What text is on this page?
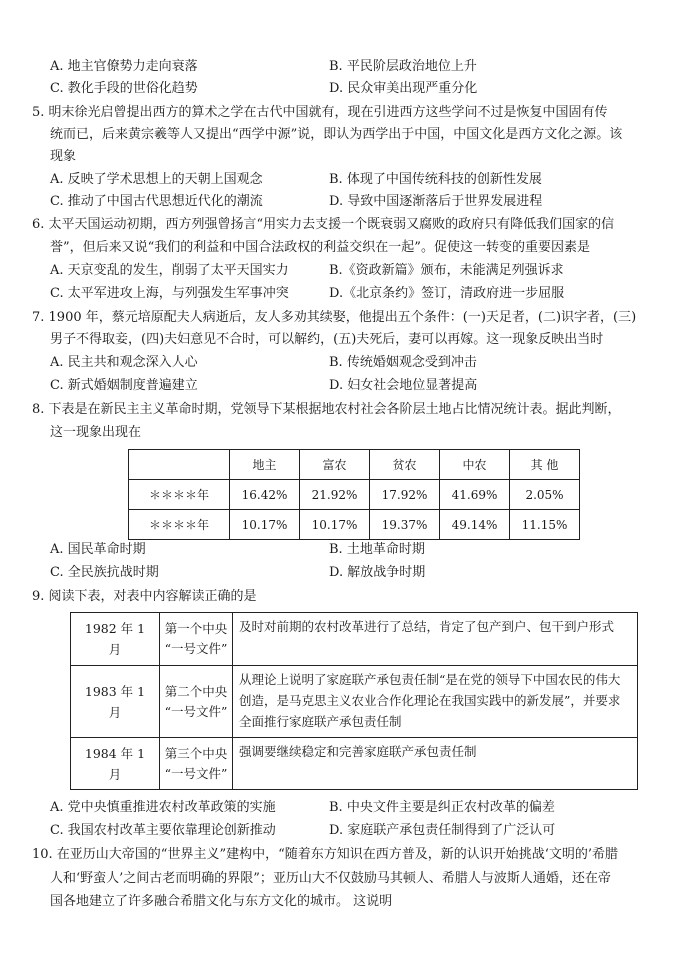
A. 地主官僚势力走向衰落	B. 平民阶层政治地位上升
C. 教化手段的世俗化趋势	D. 民众审美出现严重分化
5. 明末徐光启曾提出西方的算术之学在古代中国就有，现在引进西方这些学问不过是恢复中国固有传
统而已，后来黄宗羲等人又提出“西学中源”说，即认为西学出于中国，中国文化是西方文化之源。该
现象
A. 反映了学术思想上的天朝上国观念	B. 体现了中国传统科技的创新性发展
C. 推动了中国古代思想近代化的潮流	D. 导致中国逐渐落后于世界发展进程
6. 太平天国运动初期，西方列强曾扬言“用实力去支援一个既衰弱又腐败的政府只有降低我们国家的信
誉”，但后来又说“我们的利益和中国合法政权的利益交织在一起”。促使这一转变的重要因素是
A. 天京变乱的发生，削弱了太平天国实力	B.《资政新篇》颁布，未能满足列强诉求
C. 太平军进攻上海，与列强发生军事冲突	D.《北京条约》签订，清政府进一步屈服
7. 1900 年，蔡元培原配夫人病逝后，友人多劝其续娶，他提出五个条件：(一)天足者，(二)识字者，(三)
男子不得取妾，(四)夫妇意见不合时，可以解约，(五)夫死后，妻可以再嫁。这一现象反映出当时
A. 民主共和观念深入人心	B. 传统婚姻观念受到冲击
C. 新式婚姻制度普遍建立	D. 妇女社会地位显著提高
8. 下表是在新民主主义革命时期，党领导下某根据地农村社会各阶层土地占比情况统计表。据此判断，
这一现象出现在
	地主	富农	贫农	中农	其 他
＊＊＊＊年	16.42%	21.92%	17.92%	41.69%	2.05%
＊＊＊＊年	10.17%	10.17%	19.37%	49.14%	11.15%
A. 国民革命时期	B. 土地革命时期
C. 全民族抗战时期	D. 解放战争时期
9. 阅读下表，对表中内容解读正确的是
1982 年 1 月	第一个中央
“一号文件”	及时对前期的农村改革进行了总结，肯定了包产到户、包干到户形式
1983 年 1 月	第二个中央
“一号文件”	从理论上说明了家庭联产承包责任制“是在党的领导下中国农民的伟大创造，是马克思主义农业合作化理论在我国实践中的新发展”，并要求全面推行家庭联产承包责任制
1984 年 1 月	第三个中央
“一号文件”	强调要继续稳定和完善家庭联产承包责任制
A. 党中央慎重推进农村改革政策的实施	B. 中央文件主要是纠正农村改革的偏差
C. 我国农村改革主要依靠理论创新推动	D. 家庭联产承包责任制得到了广泛认可
10. 在亚历山大帝国的“世界主义”建构中，“随着东方知识在西方普及，新的认识开始挑战‘文明的’希腊
人和‘野蛮人’之间古老而明确的界限”；亚历山大不仅鼓励马其顿人、希腊人与波斯人通婚，还在帝
国各地建立了许多融合希腊文化与东方文化的城市。 这说明
